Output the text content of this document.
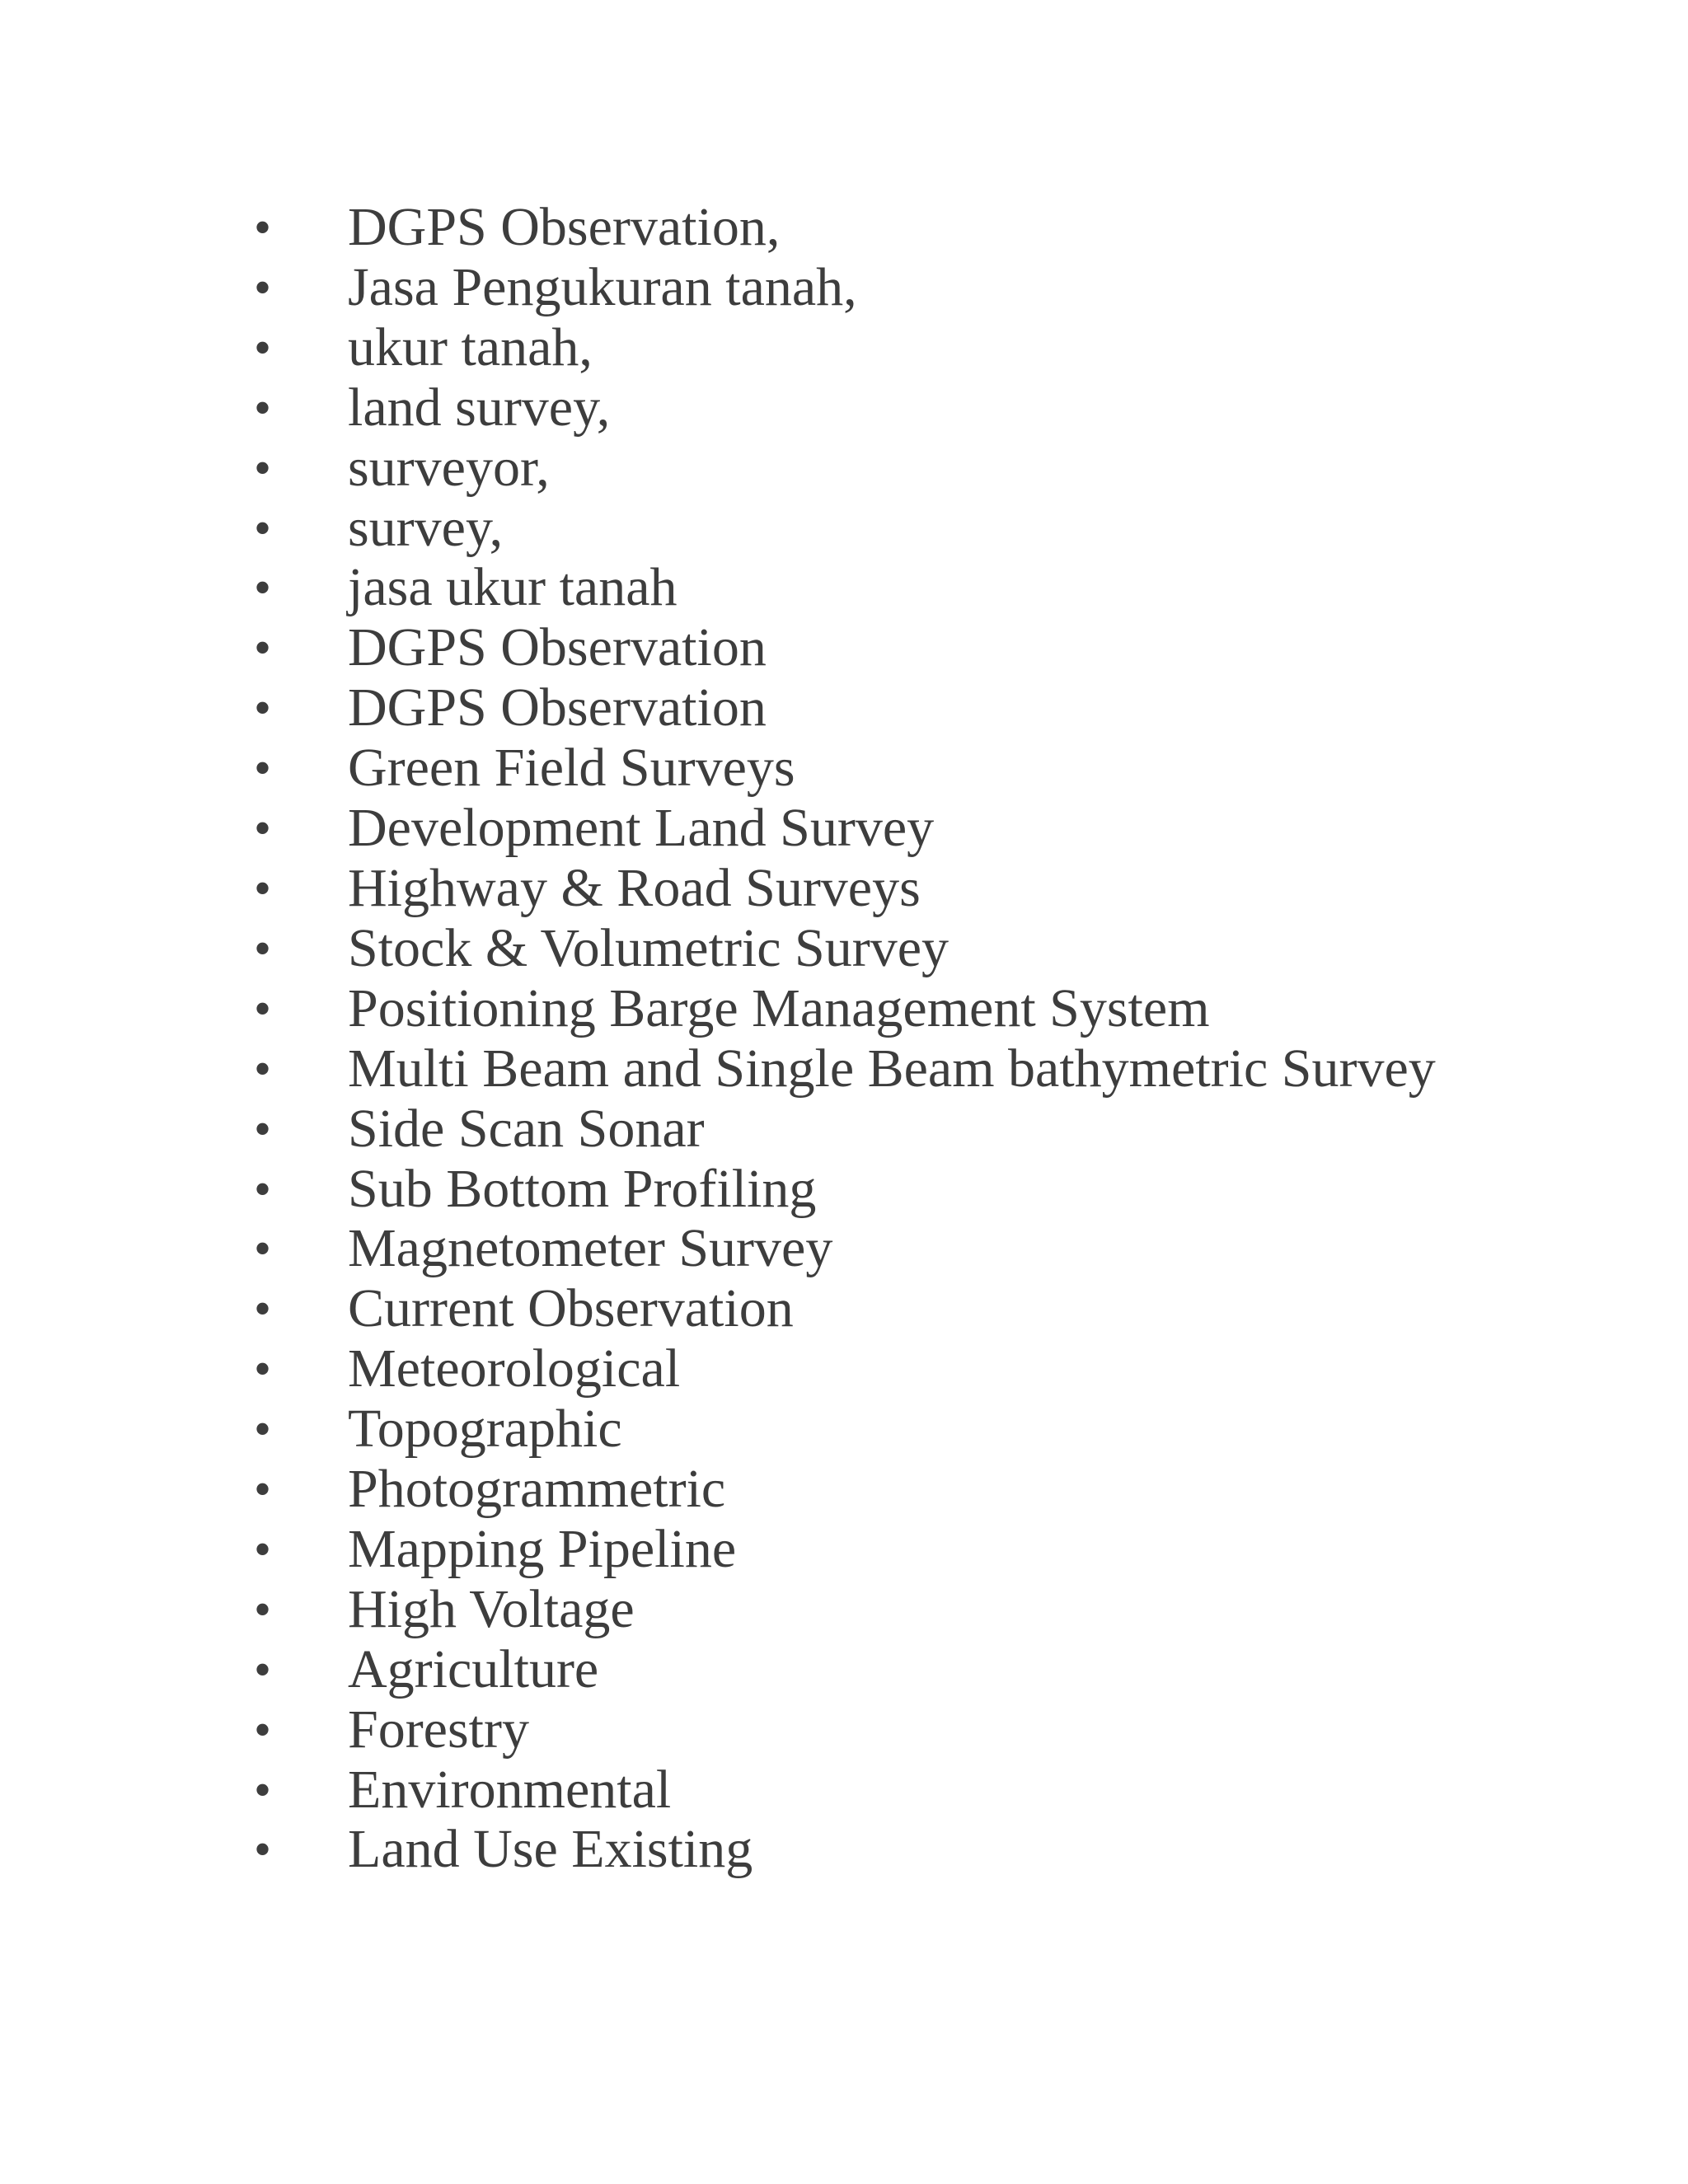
• DGPS Observation,
• Jasa Pengukuran tanah,
• ukur tanah,
• land survey,
• surveyor,
• survey,
• jasa ukur tanah
• DGPS Observation
• DGPS Observation
• Green Field Surveys
• Development Land Survey
• Highway & Road Surveys
• Stock & Volumetric Survey
• Positioning Barge Management System
• Multi Beam and Single Beam bathymetric Survey
• Side Scan Sonar
• Sub Bottom Profiling
• Magnetometer Survey
• Current Observation
• Meteorological
• Topographic
• Photogrammetric
• Mapping Pipeline
• High Voltage
• Agriculture
• Forestry
• Environmental
• Land Use Existing
